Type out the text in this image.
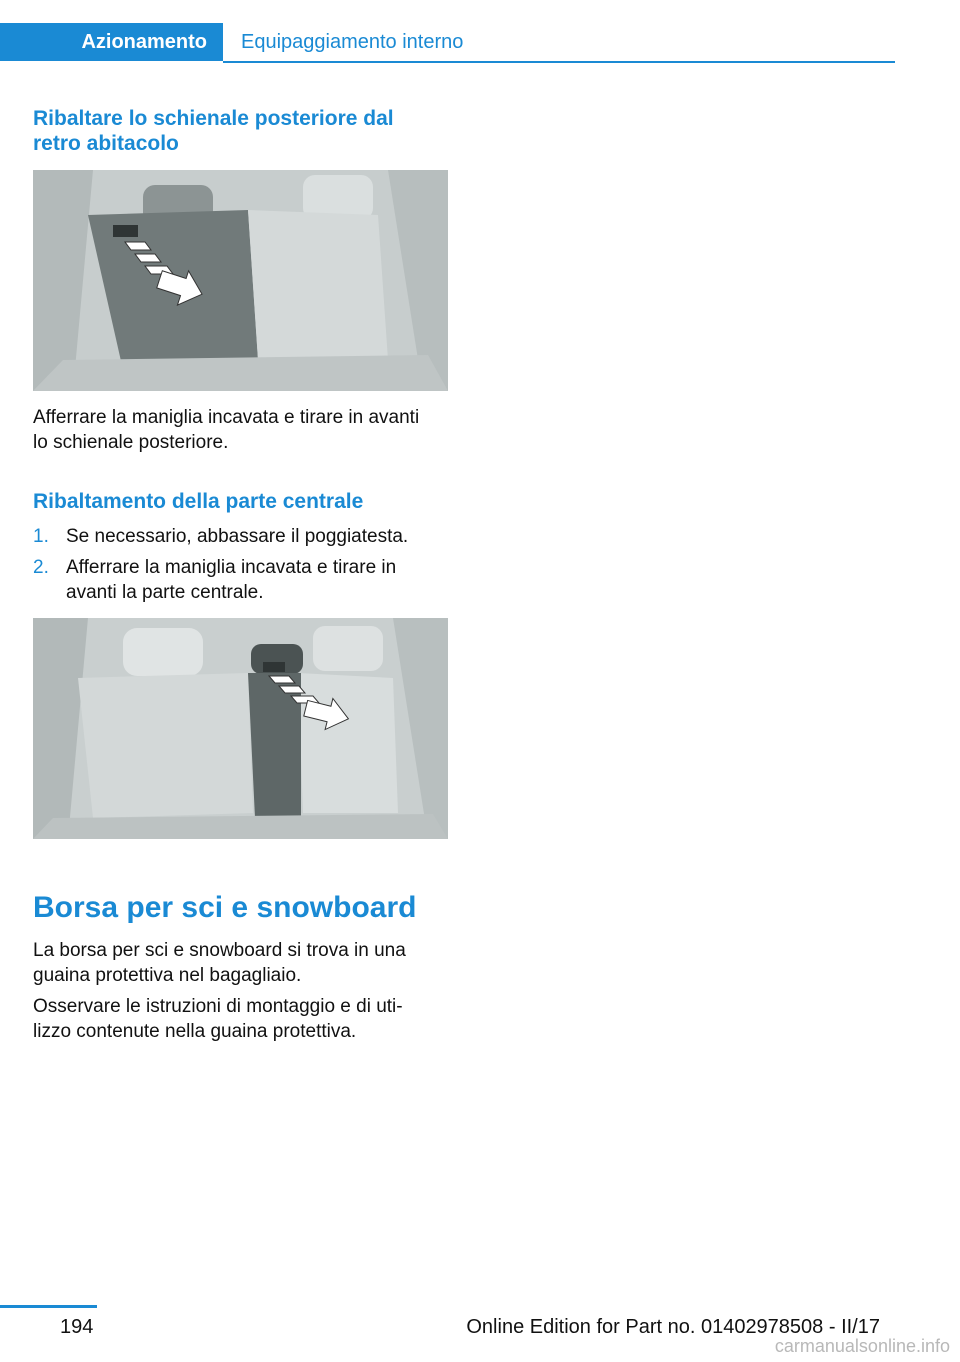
Azionamento	Equipaggiamento interno
Ribaltare lo schienale posteriore dal
retro abitacolo
Afferrare la maniglia incavata e tirare in avanti
lo schienale posteriore.
Ribaltamento della parte centrale
1. Se necessario, abbassare il poggiatesta.
2. Afferrare la maniglia incavata e tirare in
avanti la parte centrale.
Borsa per sci e snowboard
La borsa per sci e snowboard si trova in una
guaina protettiva nel bagagliaio.
Osservare le istruzioni di montaggio e di uti-
lizzo contenute nella guaina protettiva.
194	Online Edition for Part no. 01402978508 - II/17
carmanualsonline.info
